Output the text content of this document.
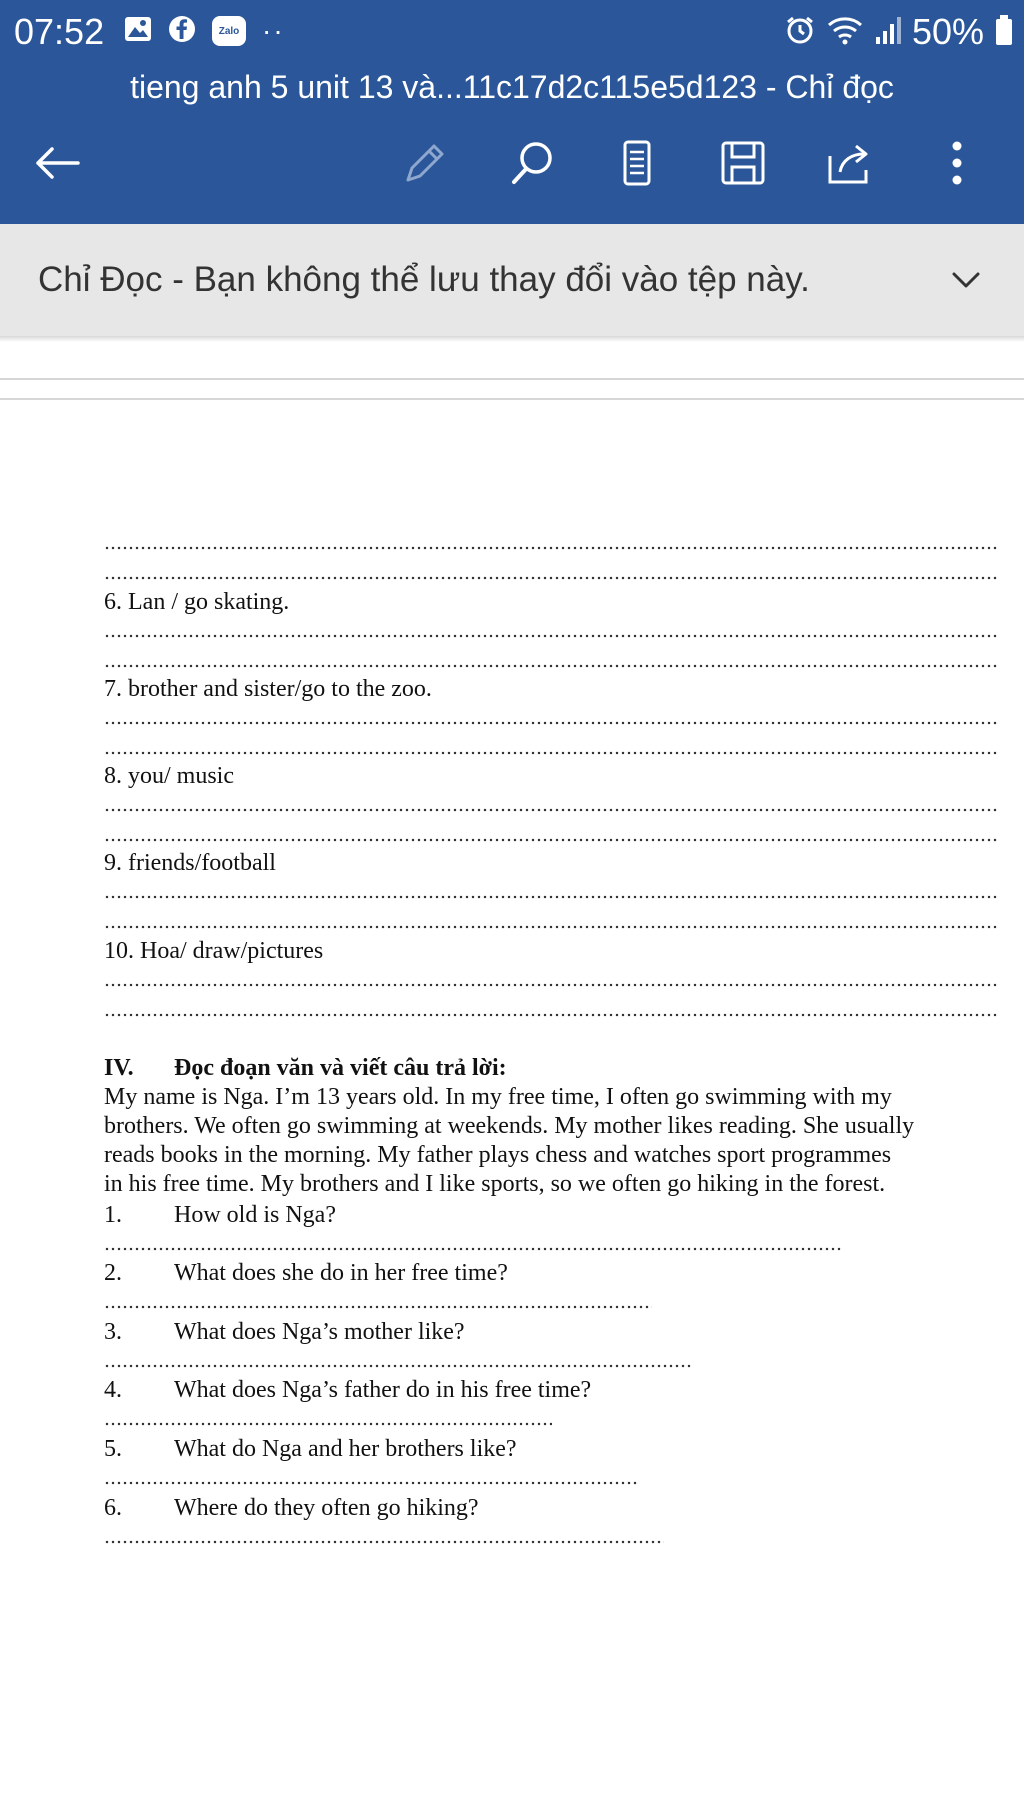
07:52	Zalo ··	50%
tieng anh 5 unit 13 và...11c17d2c115e5d123 - Chỉ đọc
Chỉ Đọc - Bạn không thể lưu thay đổi vào tệp này.
6. Lan / go skating.
7. brother and sister/go to the zoo.
8. you/ music
9. friends/football
10. Hoa/ draw/pictures
IV. Đọc đoạn văn và viết câu trả lời:
My name is Nga. I’m 13 years old. In my free time, I often go swimming with my
brothers. We often go swimming at weekends. My mother likes reading. She usually
reads books in the morning. My father plays chess and watches sport programmes
in his free time. My brothers and I like sports, so we often go hiking in the forest.
1. How old is Nga?
2. What does she do in her free time?
3. What does Nga’s mother like?
4. What does Nga’s father do in his free time?
5. What do Nga and her brothers like?
6. Where do they often go hiking?
